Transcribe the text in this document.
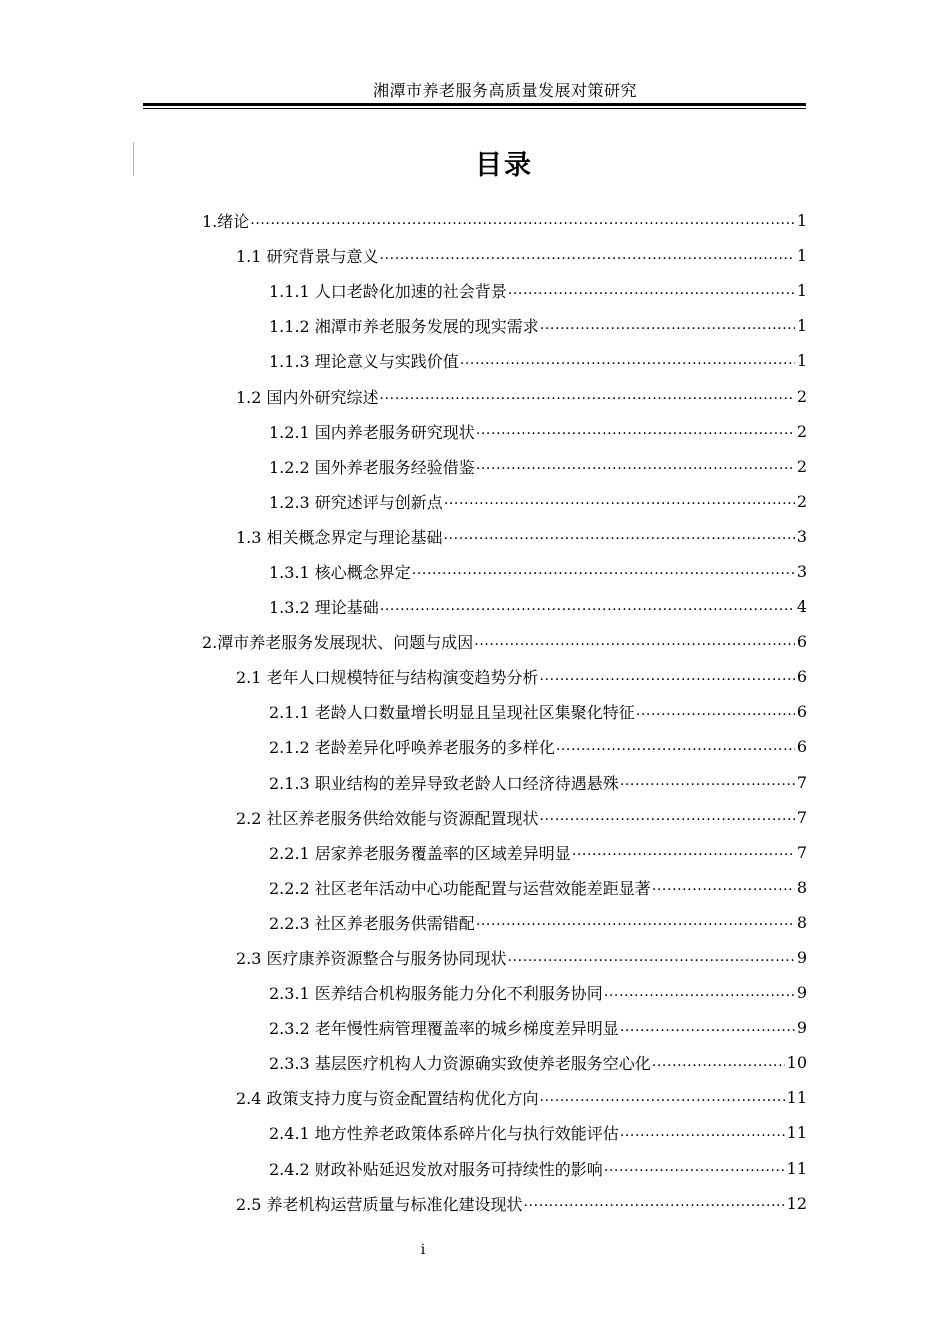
湘潭市养老服务高质量发展对策研究
目录
1.绪论 .....	1
1.1 研究背景与意义 .....	1
1.1.1 人口老龄化加速的社会背景 .....	1
1.1.2 湘潭市养老服务发展的现实需求 .....	1
1.1.3 理论意义与实践价值 .....	1
1.2 国内外研究综述 .....	2
1.2.1 国内养老服务研究现状 .....	2
1.2.2 国外养老服务经验借鉴 .....	2
1.2.3 研究述评与创新点 .....	2
1.3 相关概念界定与理论基础 .....	3
1.3.1 核心概念界定 .....	3
1.3.2 理论基础 .....	4
2.潭市养老服务发展现状、问题与成因 .....	6
2.1 老年人口规模特征与结构演变趋势分析 .....	6
2.1.1 老龄人口数量增长明显且呈现社区集聚化特征 .....	6
2.1.2 老龄差异化呼唤养老服务的多样化 .....	6
2.1.3 职业结构的差异导致老龄人口经济待遇悬殊 .....	7
2.2 社区养老服务供给效能与资源配置现状 .....	7
2.2.1 居家养老服务覆盖率的区域差异明显 .....	7
2.2.2 社区老年活动中心功能配置与运营效能差距显著 .....	8
2.2.3 社区养老服务供需错配 .....	8
2.3 医疗康养资源整合与服务协同现状 .....	9
2.3.1 医养结合机构服务能力分化不利服务协同 .....	9
2.3.2 老年慢性病管理覆盖率的城乡梯度差异明显 .....	9
2.3.3 基层医疗机构人力资源确实致使养老服务空心化 .....	10
2.4 政策支持力度与资金配置结构优化方向 .....	11
2.4.1 地方性养老政策体系碎片化与执行效能评估 .....	11
2.4.2 财政补贴延迟发放对服务可持续性的影响 .....	11
2.5 养老机构运营质量与标准化建设现状 .....	12
i
